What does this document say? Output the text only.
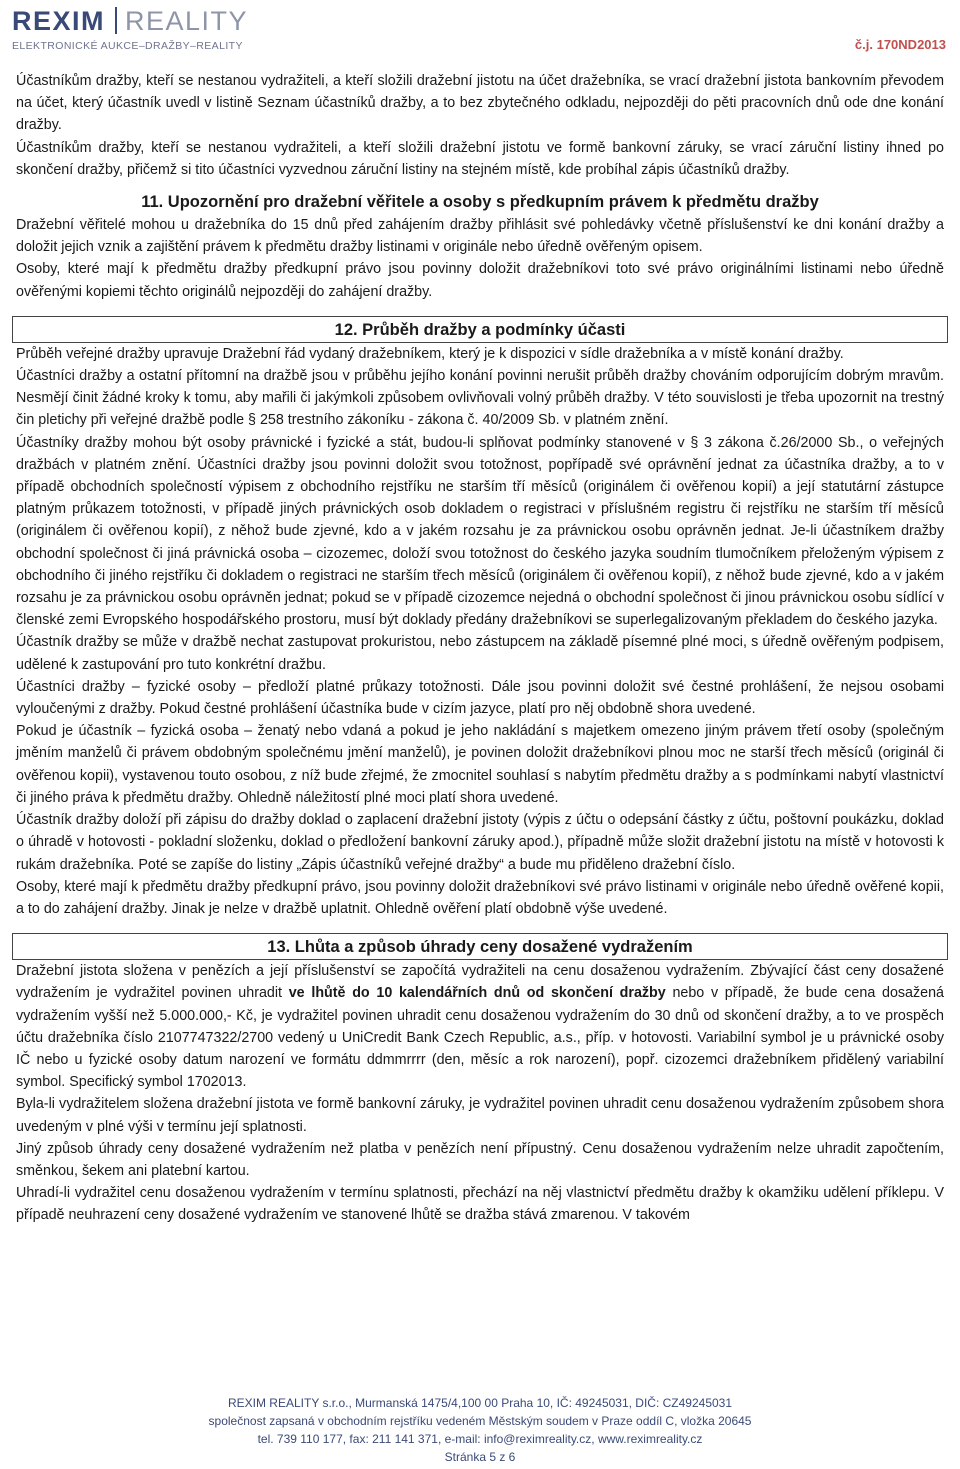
REXIM REALITY
ELEKTRONICKÉ AUKCE–DRAŽBY–REALITY	č.j. 170ND2013

Účastníkům dražby, kteří se nestanou vydražiteli, a kteří složili dražební jistotu na účet dražebníka, se vrací dražební jistota bankovním převodem na účet, který účastník uvedl v listině Seznam účastníků dražby, a to bez zbytečného odkladu, nejpozději do pěti pracovních dnů ode dne konání dražby.

Účastníkům dražby, kteří se nestanou vydražiteli, a kteří složili dražební jistotu ve formě bankovní záruky, se vrací záruční listiny ihned po skončení dražby, přičemž si tito účastníci vyzvednou záruční listiny na stejném místě, kde probíhal zápis účastníků dražby.

11. Upozornění pro dražební věřitele a osoby s předkupním právem k předmětu dražby

Dražební věřitelé mohou u dražebníka do 15 dnů před zahájením dražby přihlásit své pohledávky včetně příslušenství ke dni konání dražby a doložit jejich vznik a zajištění právem k předmětu dražby listinami v originále nebo úředně ověřeným opisem.

Osoby, které mají k předmětu dražby předkupní právo jsou povinny doložit dražebníkovi toto své právo originálními listinami nebo úředně ověřenými kopiemi těchto originálů nejpozději do zahájení dražby.

12. Průběh dražby a podmínky účasti

Průběh veřejné dražby upravuje Dražební řád vydaný dražebníkem, který je k dispozici v sídle dražebníka a v místě konání dražby.

Účastníci dražby a ostatní přítomní na dražbě jsou v průběhu jejího konání povinni nerušit průběh dražby chováním odporujícím dobrým mravům. Nesmějí činit žádné kroky k tomu, aby mařili či jakýmkoli způsobem ovlivňovali volný průběh dražby. V této souvislosti je třeba upozornit na trestný čin pletichy při veřejné dražbě podle § 258 trestního zákoníku - zákona č. 40/2009 Sb. v platném znění.

Účastníky dražby mohou být osoby právnické i fyzické a stát, budou-li splňovat podmínky stanovené v § 3 zákona č.26/2000 Sb., o veřejných dražbách v platném znění. Účastníci dražby jsou povinni doložit svou totožnost, popřípadě své oprávnění jednat za účastníka dražby, a to v případě obchodních společností výpisem z obchodního rejstříku ne starším tří měsíců (originálem či ověřenou kopií) a její statutární zástupce platným průkazem totožnosti, v případě jiných právnických osob dokladem o registraci v příslušném registru či rejstříku ne starším tří měsíců (originálem či ověřenou kopií), z něhož bude zjevné, kdo a v jakém rozsahu je za právnickou osobu oprávněn jednat. Je-li účastníkem dražby obchodní společnost či jiná právnická osoba – cizozemec, doloží svou totožnost do českého jazyka soudním tlumočníkem přeloženým výpisem z obchodního či jiného rejstříku či dokladem o registraci ne starším třech měsíců (originálem či ověřenou kopií), z něhož bude zjevné, kdo a v jakém rozsahu je za právnickou osobu oprávněn jednat; pokud se v případě cizozemce nejedná o obchodní společnost či jinou právnickou osobu sídlící v členské zemi Evropského hospodářského prostoru, musí být doklady předány dražebníkovi se superlegalizovaným překladem do českého jazyka.

Účastník dražby se může v dražbě nechat zastupovat prokuristou, nebo zástupcem na základě písemné plné moci, s úředně ověřeným podpisem, udělené k zastupování pro tuto konkrétní dražbu.

Účastníci dražby – fyzické osoby – předloží platné průkazy totožnosti. Dále jsou povinni doložit své čestné prohlášení, že nejsou osobami vyloučenými z dražby. Pokud čestné prohlášení účastníka bude v cizím jazyce, platí pro něj obdobně shora uvedené.

Pokud je účastník – fyzická osoba – ženatý nebo vdaná a pokud je jeho nakládání s majetkem omezeno jiným právem třetí osoby (společným jměním manželů či právem obdobným společnému jmění manželů), je povinen doložit dražebníkovi plnou moc ne starší třech měsíců (originál či ověřenou kopii), vystavenou touto osobou, z níž bude zřejmé, že zmocnitel souhlasí s nabytím předmětu dražby a s podmínkami nabytí vlastnictví či jiného práva k předmětu dražby. Ohledně náležitostí plné moci platí shora uvedené.

Účastník dražby doloží při zápisu do dražby doklad o zaplacení dražební jistoty (výpis z účtu o odepsání částky z účtu, poštovní poukázku, doklad o úhradě v hotovosti - pokladní složenku, doklad o předložení bankovní záruky apod.), případně může složit dražební jistotu na místě v hotovosti k rukám dražebníka. Poté se zapíše do listiny „Zápis účastníků veřejné dražby“ a bude mu přiděleno dražební číslo.

Osoby, které mají k předmětu dražby předkupní právo, jsou povinny doložit dražebníkovi své právo listinami v originále nebo úředně ověřené kopii, a to do zahájení dražby. Jinak je nelze v dražbě uplatnit. Ohledně ověření platí obdobně výše uvedené.

13. Lhůta a způsob úhrady ceny dosažené vydražením

Dražební jistota složena v penězích a její příslušenství se započítá vydražiteli na cenu dosaženou vydražením. Zbývající část ceny dosažené vydražením je vydražitel povinen uhradit ve lhůtě do 10 kalendářních dnů od skončení dražby nebo v případě, že bude cena dosažená vydražením vyšší než 5.000.000,- Kč, je vydražitel povinen uhradit cenu dosaženou vydražením do 30 dnů od skončení dražby, a to ve prospěch účtu dražebníka číslo 2107747322/2700 vedený u UniCredit Bank Czech Republic, a.s., příp. v hotovosti. Variabilní symbol je u právnické osoby IČ nebo u fyzické osoby datum narození ve formátu ddmmrrrr (den, měsíc a rok narození), popř. cizozemci dražebníkem přidělený variabilní symbol. Specifický symbol 1702013.

Byla-li vydražitelem složena dražební jistota ve formě bankovní záruky, je vydražitel povinen uhradit cenu dosaženou vydražením způsobem shora uvedeným v plné výši v termínu její splatnosti.

Jiný způsob úhrady ceny dosažené vydražením než platba v penězích není přípustný. Cenu dosaženou vydražením nelze uhradit započtením, směnkou, šekem ani platební kartou.

Uhradí-li vydražitel cenu dosaženou vydražením v termínu splatnosti, přechází na něj vlastnictví předmětu dražby k okamžiku udělení příklepu. V případě neuhrazení ceny dosažené vydražením ve stanovené lhůtě se dražba stává zmarenou. V takovém

REXIM REALITY s.r.o., Murmanská 1475/4,100 00 Praha 10, IČ: 49245031, DIČ: CZ49245031
společnost zapsaná v obchodním rejstříku vedeném Městským soudem v Praze oddíl C, vložka 20645
tel. 739 110 177, fax: 211 141 371, e-mail: info@reximreality.cz, www.reximreality.cz
Stránka 5 z 6
